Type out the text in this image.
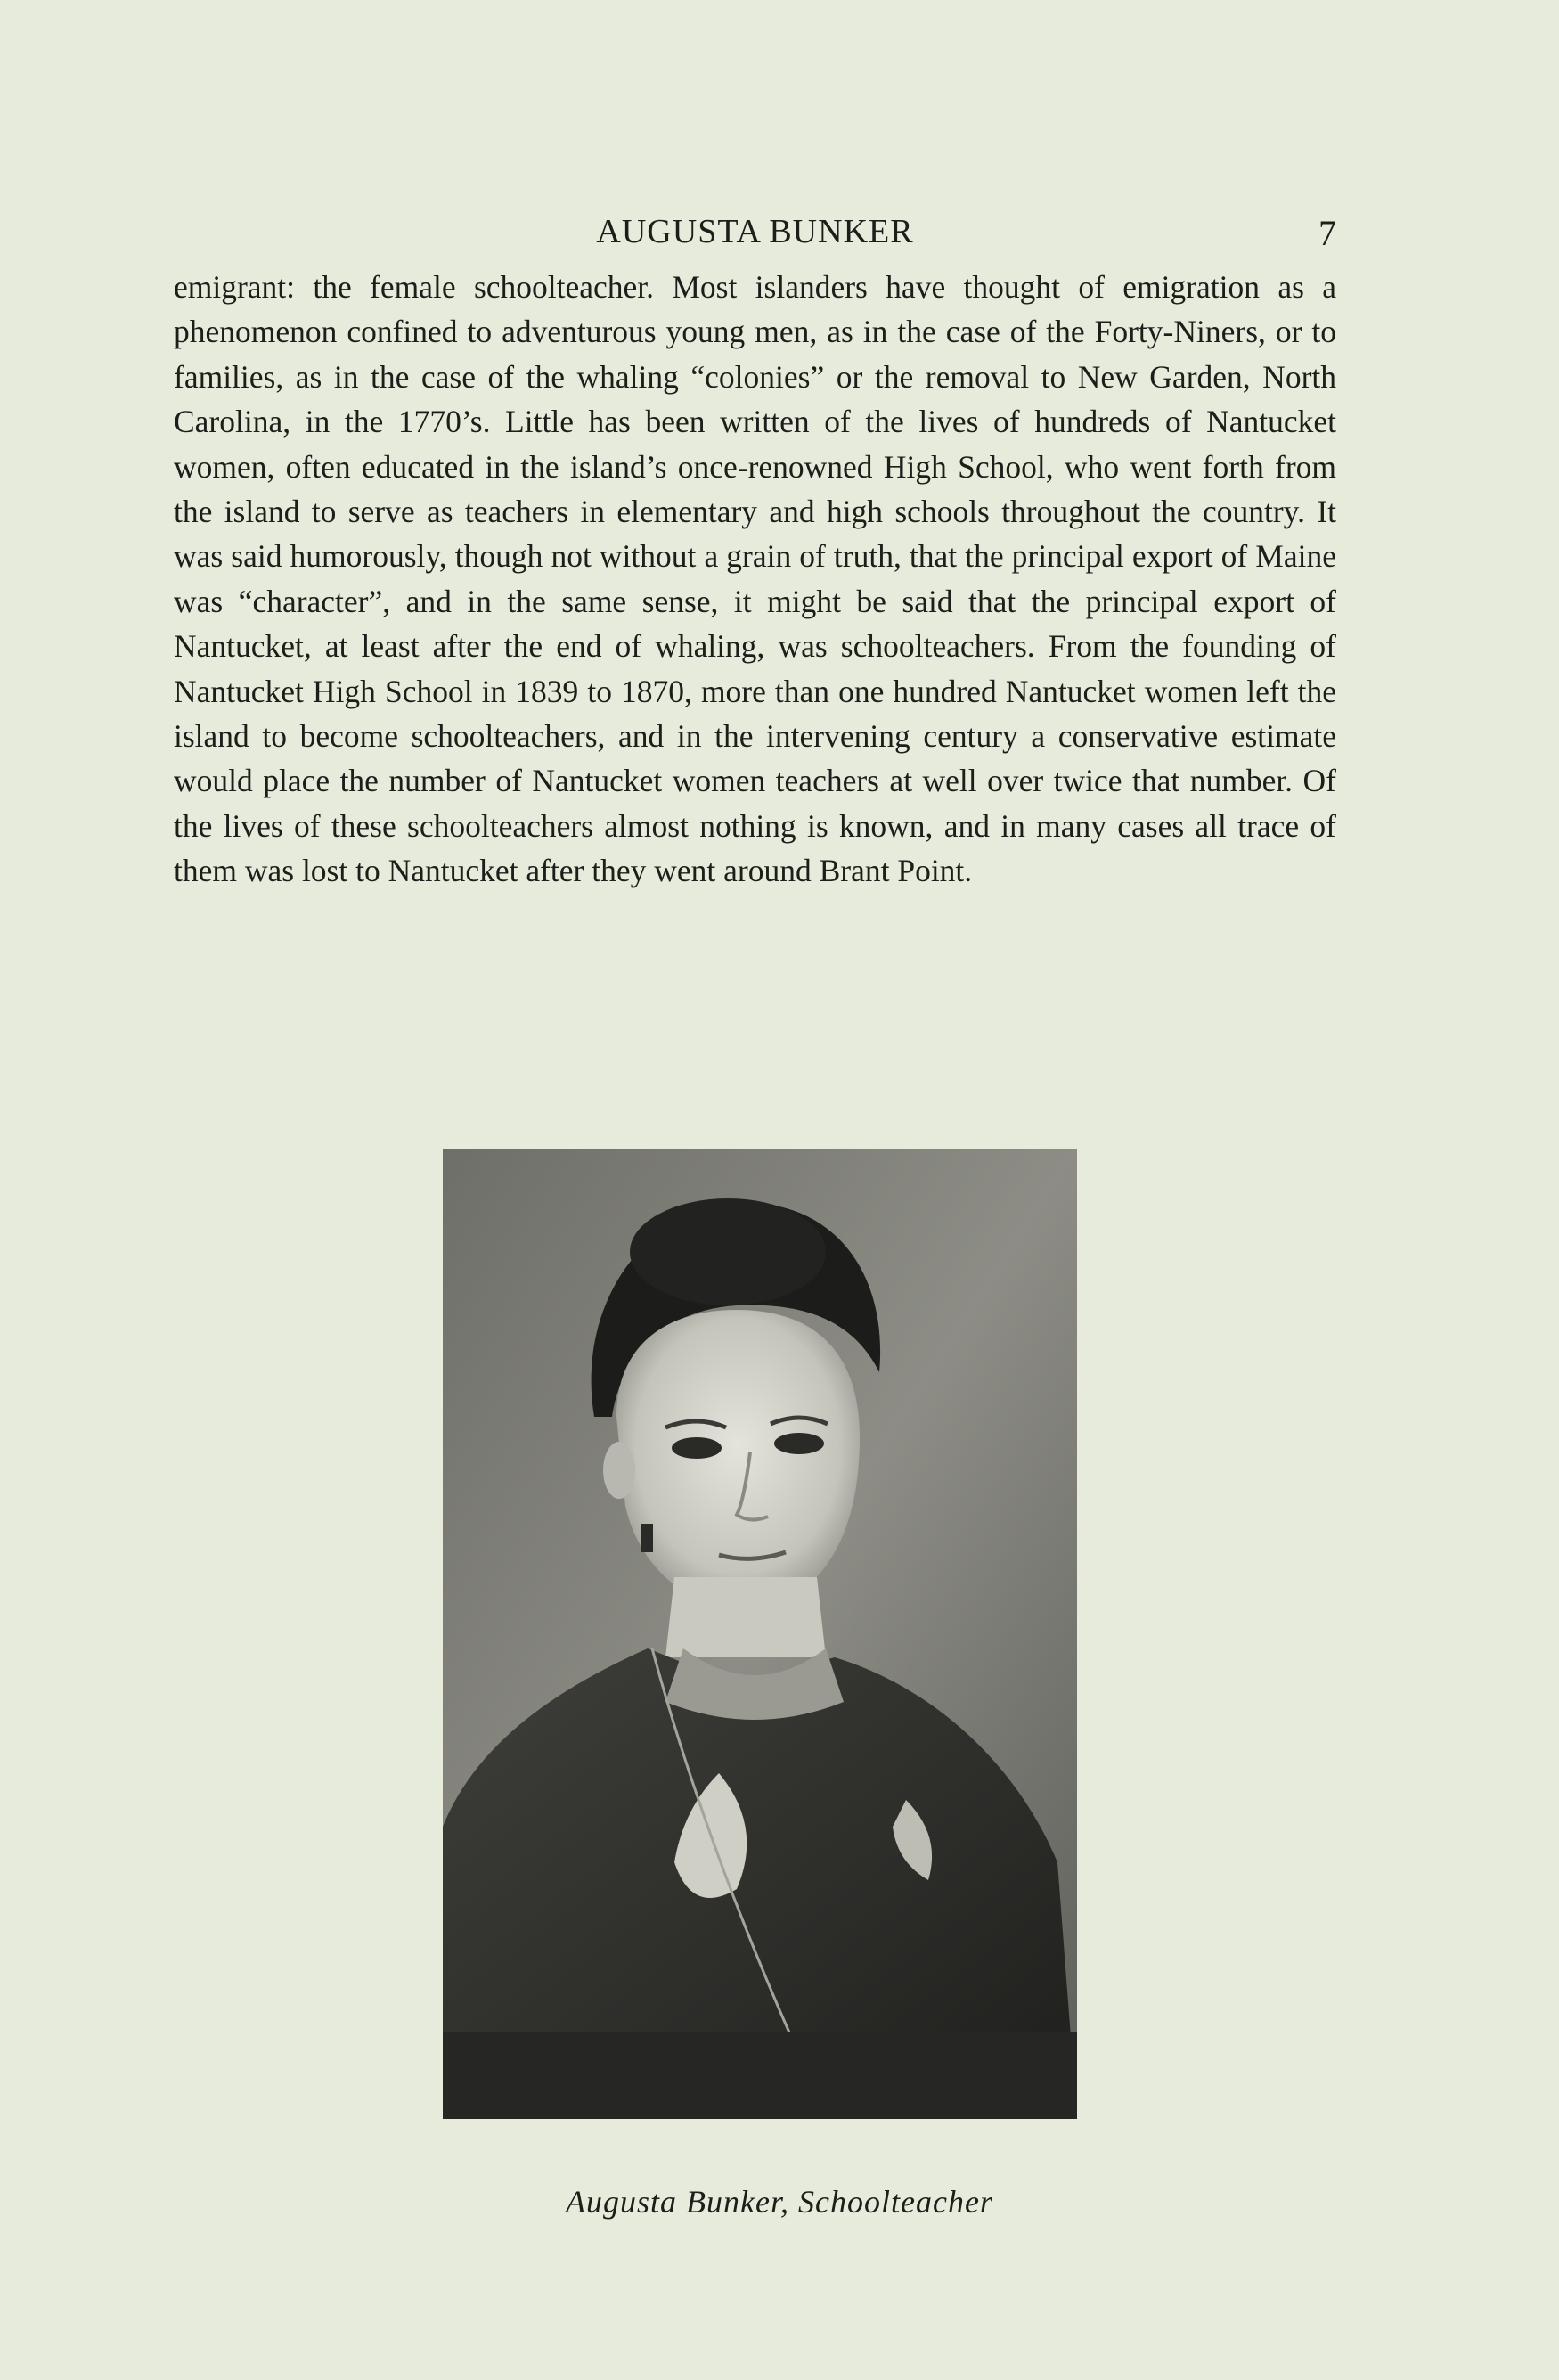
AUGUSTA BUNKER	7

emigrant: the female schoolteacher. Most islanders have thought of emigration as a phenomenon confined to adventurous young men, as in the case of the Forty-Niners, or to families, as in the case of the whaling “colonies” or the removal to New Garden, North Carolina, in the 1770’s. Little has been written of the lives of hundreds of Nantucket women, often educated in the island’s once-renowned High School, who went forth from the island to serve as teachers in elementary and high schools throughout the country. It was said humorously, though not without a grain of truth, that the principal export of Maine was “character”, and in the same sense, it might be said that the principal export of Nantucket, at least after the end of whaling, was schoolteachers. From the founding of Nantucket High School in 1839 to 1870, more than one hundred Nantucket women left the island to become schoolteachers, and in the intervening century a conservative estimate would place the number of Nantucket women teachers at well over twice that number. Of the lives of these schoolteachers almost nothing is known, and in many cases all trace of them was lost to Nantucket after they went around Brant Point.

Augusta Bunker, Schoolteacher
